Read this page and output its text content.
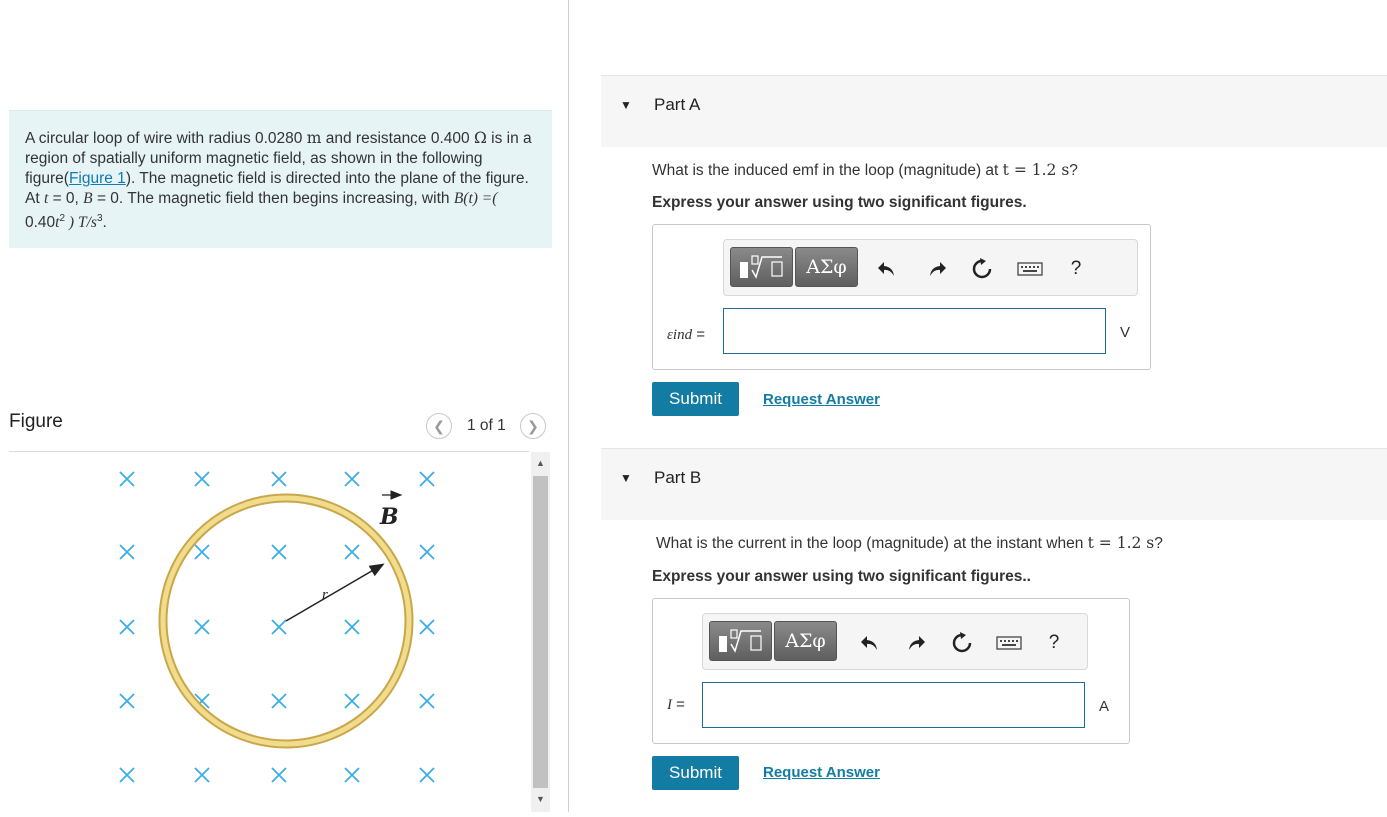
A circular loop of wire with radius 0.0280 m and resistance 0.400 Ω is in a region of spatially uniform magnetic field, as shown in the following figure(Figure 1). The magnetic field is directed into the plane of the figure. At t = 0, B = 0. The magnetic field then begins increasing, with B(t) =( $0.40t^2$ ) $T/s^3$.
Figure	❮ 1 of 1 ❯
r
B
▲
▼
▼ Part A
What is the induced emf in the loop (magnitude) at t = 1.2 s?
Express your answer using two significant figures.
ΑΣφ	?
εind =	V
Submit	Request Answer
▼ Part B
What is the current in the loop (magnitude) at the instant when t = 1.2 s?
Express your answer using two significant figures..
ΑΣφ	?
I =	A
Submit	Request Answer
